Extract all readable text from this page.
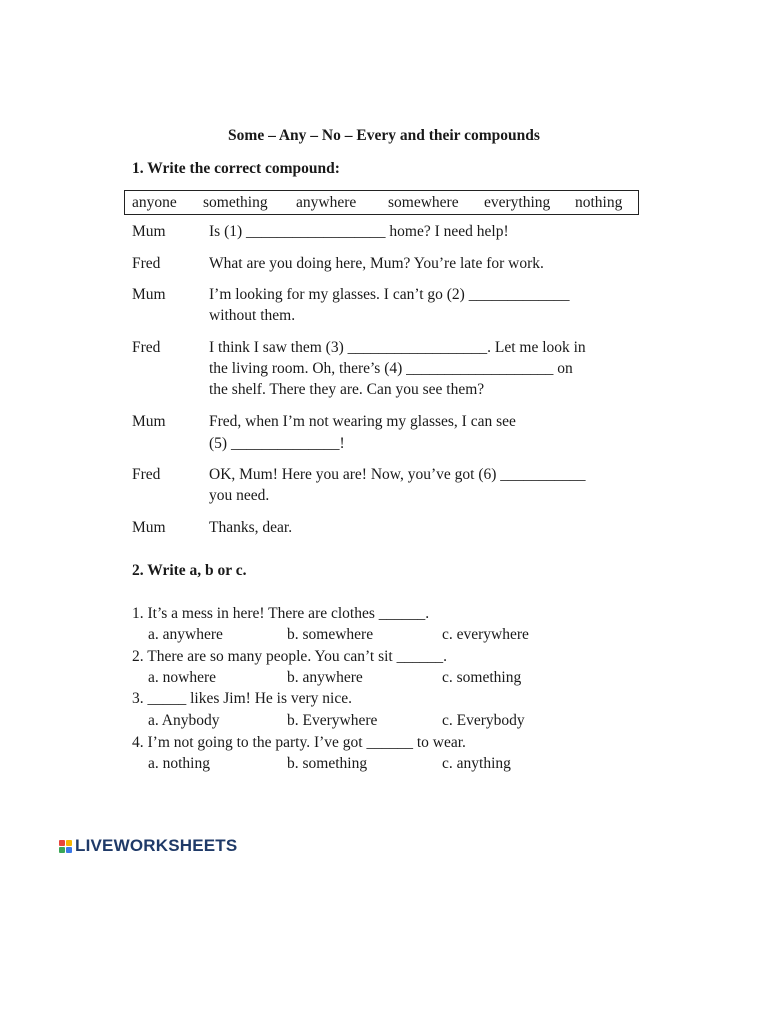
Some – Any – No – Every and their compounds
1. Write the correct compound:
anyone something anywhere somewhere everything nothing
Mum	Is (1) __________________ home? I need help!
Fred	What are you doing here, Mum? You’re late for work.
Mum	I’m looking for my glasses. I can’t go (2) _____________
without them.
Fred	I think I saw them (3) __________________. Let me look in
the living room. Oh, there’s (4) ___________________ on
the shelf. There they are. Can you see them?
Mum	Fred, when I’m not wearing my glasses, I can see
(5) ______________!
Fred	OK, Mum! Here you are! Now, you’ve got (6) ___________
you need.
Mum	Thanks, dear.
2. Write a, b or c.
1. It’s a mess in here! There are clothes ______.
a. anywhere	b. somewhere	c. everywhere
2. There are so many people. You can’t sit ______.
a. nowhere	b. anywhere	c. something
3. _____ likes Jim! He is very nice.
a. Anybody	b. Everywhere	c. Everybody
4. I’m not going to the party. I’ve got ______ to wear.
a. nothing	b. something	c. anything
LIVEWORKSHEETS
